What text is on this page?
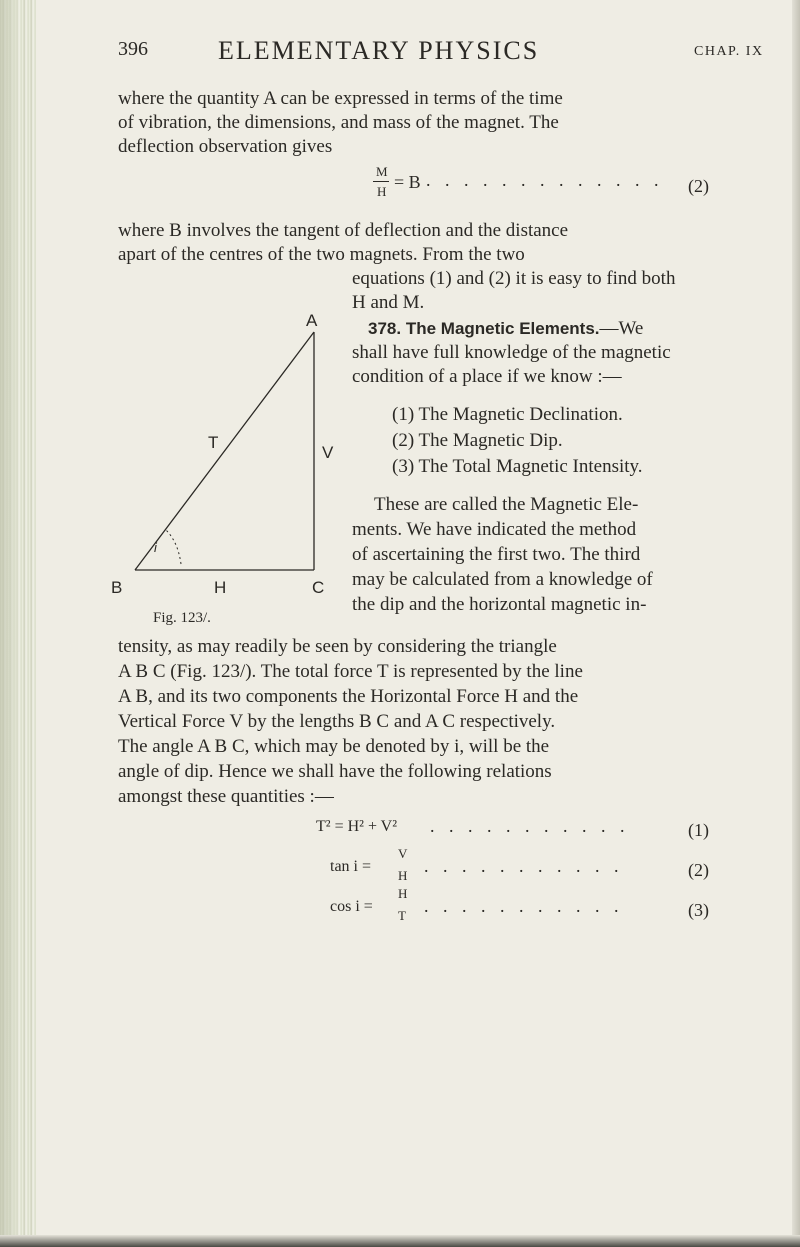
396	ELEMENTARY PHYSICS	CHAP. IX
where the quantity A can be expressed in terms of the time
of vibration, the dimensions, and mass of the magnet. The
deflection observation gives
M
H = B . . . . . . . . . . . . . (2)
where B involves the tangent of deflection and the distance
apart of the centres of the two magnets. From the two
equations (1) and (2) it is easy to find both
H and M.
378. The Magnetic Elements.—We
shall have full knowledge of the magnetic
condition of a place if we know :—
(1) The Magnetic Declination.
(2) The Magnetic Dip.
(3) The Total Magnetic Intensity.
These are called the Magnetic Ele-
ments. We have indicated the method
of ascertaining the first two. The third
may be calculated from a knowledge of
the dip and the horizontal magnetic in-
A
T
V
i
B	H	C
Fig. 123/.
tensity, as may readily be seen by considering the triangle
A B C (Fig. 123/). The total force T is represented by the line
A B, and its two components the Horizontal Force H and the
Vertical Force V by the lengths B C and A C respectively.
The angle A B C, which may be denoted by i, will be the
angle of dip. Hence we shall have the following relations
amongst these quantities :—
T² = H² + V² . . . . . . . . . . .	(1)
tan i =
V
H . . . . . . . . . . .	(2)
cos i =
H
T . . . . . . . . . . .	(3)
